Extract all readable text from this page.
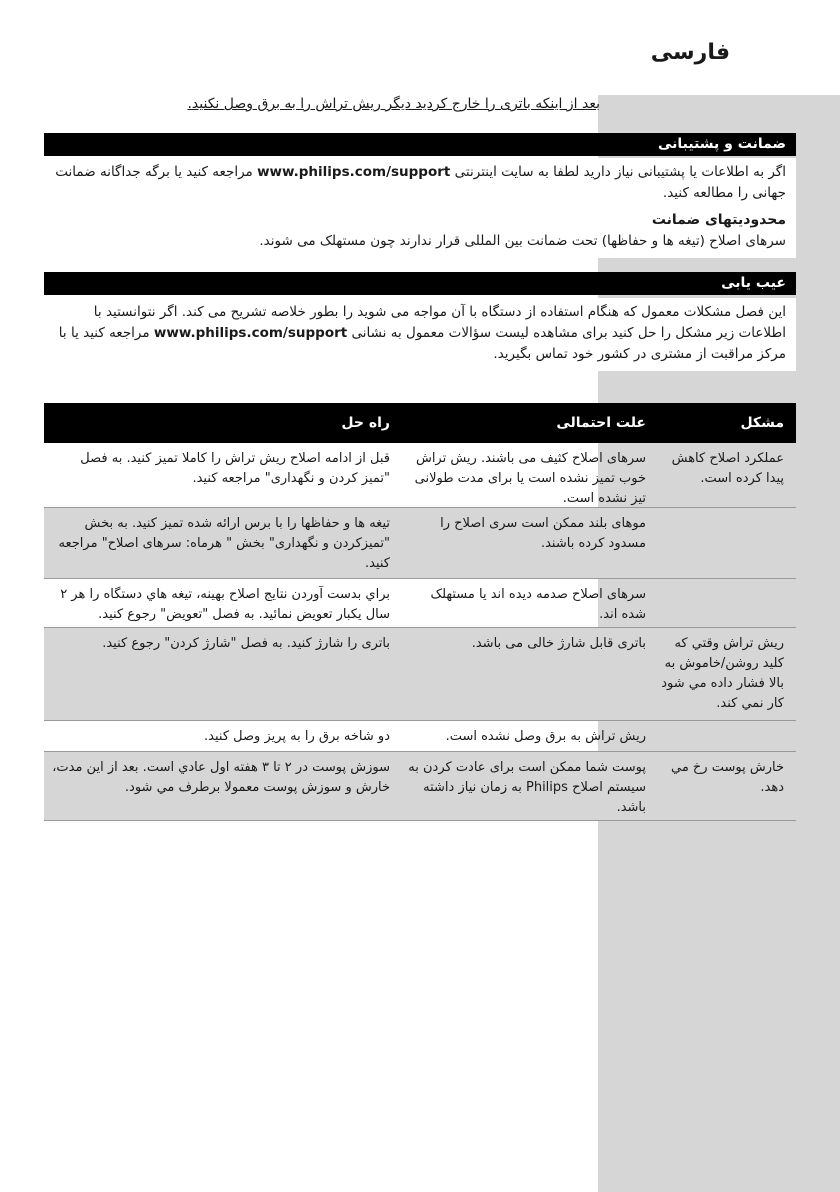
فارسی

بعد از اینکه باتری را خارج کردید دیگر ریش تراش را به برق وصل نکنید.

ضمانت و پشتیبانی

اگر به اطلاعات یا پشتیبانی نیاز دارید لطفا به سایت اینترنتی www.philips.com/support مراجعه کنید یا برگه جداگانه ضمانت جهانی را مطالعه کنید.

محدودیتهای ضمانت

سرهای اصلاح (تیغه ها و حفاظها) تحت ضمانت بین المللی قرار ندارند چون مستهلک می شوند.

عیب یابی

این فصل مشکلات معمول که هنگام استفاده از دستگاه با آن مواجه می شوید را بطور خلاصه تشریح می کند. اگر نتوانستید با اطلاعات زیر مشکل را حل کنید برای مشاهده لیست سؤالات معمول به نشانی www.philips.com/support مراجعه کنید یا با مرکز مراقبت از مشتری در کشور خود تماس بگیرید.

مشکل
علت احتمالی
راه حل
عملکرد اصلاح کاهش پیدا کرده است.
سرهای اصلاح کثیف می باشند. ریش تراش خوب تمیز نشده است یا برای مدت طولانی تیز نشده است.
قبل از ادامه اصلاح ریش تراش را کاملا تمیز کنید. به فصل "تمیز کردن و نگهداری" مراجعه کنید.
موهای بلند ممکن است سری اصلاح را مسدود کرده باشند.
تیغه ها و حفاظها را با برس ارائه شده تمیز کنید. به بخش "تمیزکردن و نگهداری" بخش " هرماه: سرهای اصلاح" مراجعه کنید.
سرهای اصلاح صدمه دیده اند یا مستهلک شده اند.
براي بدست آوردن نتايج اصلاح بهينه، تيغه هاي دستگاه را هر ۲ سال يكبار تعويض نمائيد. به فصل "تعويض" رجوع كنيد.
ريش تراش وقتي كه كليد روشن/خاموش به بالا فشار داده مي شود كار نمي كند.
باتری قابل شارژ خالی می باشد.
باتری را شارژ کنید. به فصل "شارژ کردن" رجوع کنید.
ریش تراش به برق وصل نشده است.
دو شاخه برق را به پریز وصل کنید.
خارش پوست رخ مي دهد.
پوست شما ممکن است برای عادت کردن به سیستم اصلاح Philips به زمان نیاز داشته باشد.
سوزش پوست در ۲ تا ۳ هفته اول عادي است. بعد از اين مدت، خارش و سوزش پوست معمولا برطرف مي شود.
